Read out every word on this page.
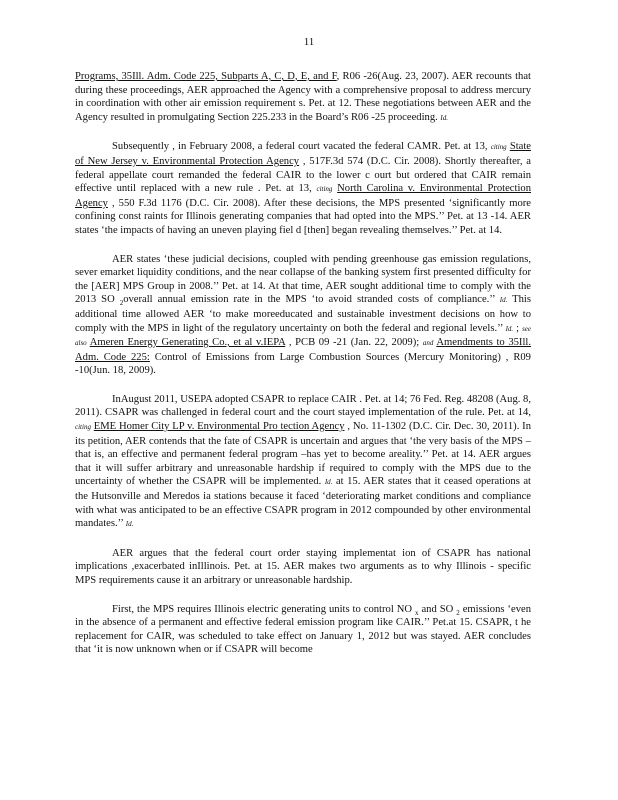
11

Programs, 35Ill. Adm. Code 225, Subparts A, C, D, E, and F, R06 -26(Aug. 23, 2007). AER recounts that during these proceedings, AER approached the Agency with a comprehensive proposal to address mercury in coordination with other air emission requirement s. Pet. at 12. These negotiations between AER and the Agency resulted in promulgating Section 225.233 in the Board’s R06 -25 proceeding. Id.

Subsequently , in February 2008, a federal court vacated the federal CAMR. Pet. at 13, citing State of New Jersey v. Environmental Protection Agency , 517F.3d 574 (D.C. Cir. 2008). Shortly thereafter, a federal appellate court remanded the federal CAIR to the lower c ourt but ordered that CAIR remain effective until replaced with a new rule . Pet. at 13, citing North Carolina v. Environmental Protection Agency , 550 F.3d 1176 (D.C. Cir. 2008). After these decisions, the MPS presented ‘significantly more confining const raints for Illinois generating companies that had opted into the MPS.’’ Pet. at 13 -14. AER states ‘the impacts of having an uneven playing fiel d [then] began revealing themselves.’’ Pet. at 14.

AER states ‘these judicial decisions, coupled with pending greenhouse gas emission regulations, sever emarket liquidity conditions, and the near collapse of the banking system first presented difficulty for the [AER] MPS Group in 2008.’’ Pet. at 14. At that time, AER sought additional time to comply with the 2013 SO $_2$overall annual emission rate in the MPS ‘to avoid stranded costs of compliance.’’ Id. This additional time allowed AER ‘to make moreeducated and sustainable investment decisions on how to comply with the MPS in light of the regulatory uncertainty on both the federal and regional levels.’’ Id. ; see also Ameren Energy Generating Co., et al v.IEPA , PCB 09 -21 (Jan. 22, 2009); and Amendments to 35Ill. Adm. Code 225: Control of Emissions from Large Combustion Sources (Mercury Monitoring) , R09 -10(Jun. 18, 2009).

InAugust 2011, USEPA adopted CSAPR to replace CAIR . Pet. at 14; 76 Fed. Reg. 48208 (Aug. 8, 2011). CSAPR was challenged in federal court and the court stayed implementation of the rule. Pet. at 14, citing EME Homer City LP v. Environmental Pro tection Agency , No. 11-1302 (D.C. Cir. Dec. 30, 2011). In its petition, AER contends that the fate of CSAPR is uncertain and argues that ‘the very basis of the MPS –that is, an effective and permanent federal program –has yet to become areality.’’ Pet. at 14. AER argues that it will suffer arbitrary and unreasonable hardship if required to comply with the MPS due to the uncertainty of whether the CSAPR will be implemented. Id. at 15. AER states that it ceased operations at the Hutsonville and Meredos ia stations because it faced ‘deteriorating market conditions and compliance with what was anticipated to be an effective CSAPR program in 2012 compounded by other environmental mandates.’’ Id.

AER argues that the federal court order staying implementat ion of CSAPR has national implications ,exacerbated inIllinois. Pet. at 15. AER makes two arguments as to why Illinois - specific MPS requirements cause it an arbitrary or unreasonable hardship.

First, the MPS requires Illinois electric generating units to control NO $_x$ and SO $_2$ emissions ‘even in the absence of a permanent and effective federal emission program like CAIR.’’ Pet.at 15. CSAPR, t he replacement for CAIR, was scheduled to take effect on January 1, 2012 but was stayed. AER concludes that ‘it is now unknown when or if CSAPR will become
